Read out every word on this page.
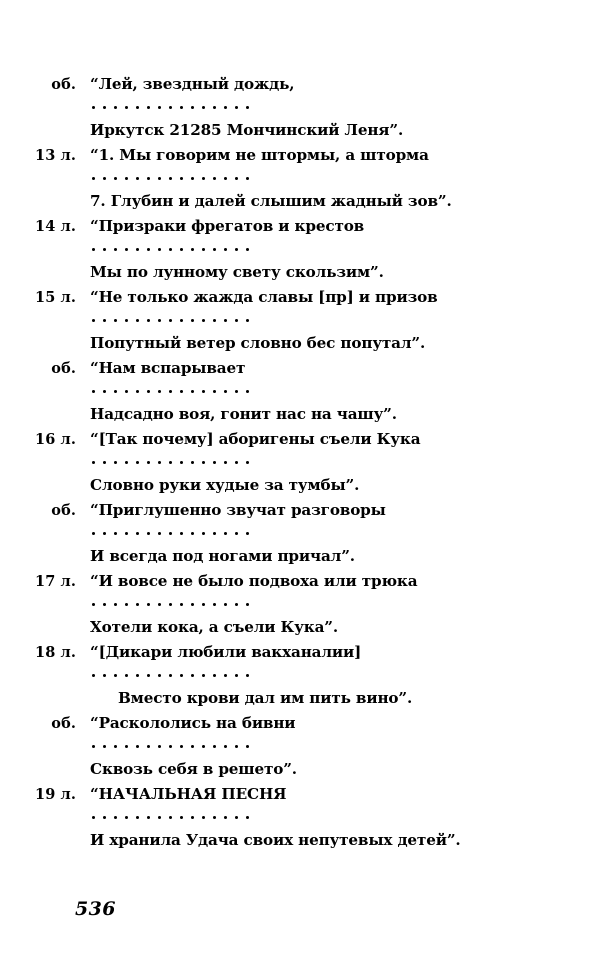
об. “Лей, звездный дождь,
Иркутск 21285 Мончинский Леня”.
13 л. “1. Мы говорим не штормы, а шторма
7. Глубин и далей слышим жадный зов”.
14 л. “Призраки фрегатов и крестов
Мы по лунному свету скользим”.
15 л. “Не только жажда славы [пр] и призов
Попутный ветер словно бес попутал”.
об. “Нам вспарывает
Надсадно воя, гонит нас на чашу”.
16 л. “[Так почему] аборигены съели Кука
Словно руки худые за тумбы”.
об. “Приглушенно звучат разговоры
И всегда под ногами причал”.
17 л. “И вовсе не было подвоха или трюка
Хотели кока, а съели Кука”.
18 л. “[Дикари любили вакханалии]
Вместо крови дал им пить вино”.
об. “Раскололись на бивни
Сквозь себя в решето”.
19 л. “НАЧАЛЬНАЯ ПЕСНЯ
И хранила Удача своих непутевых детей”.
536
